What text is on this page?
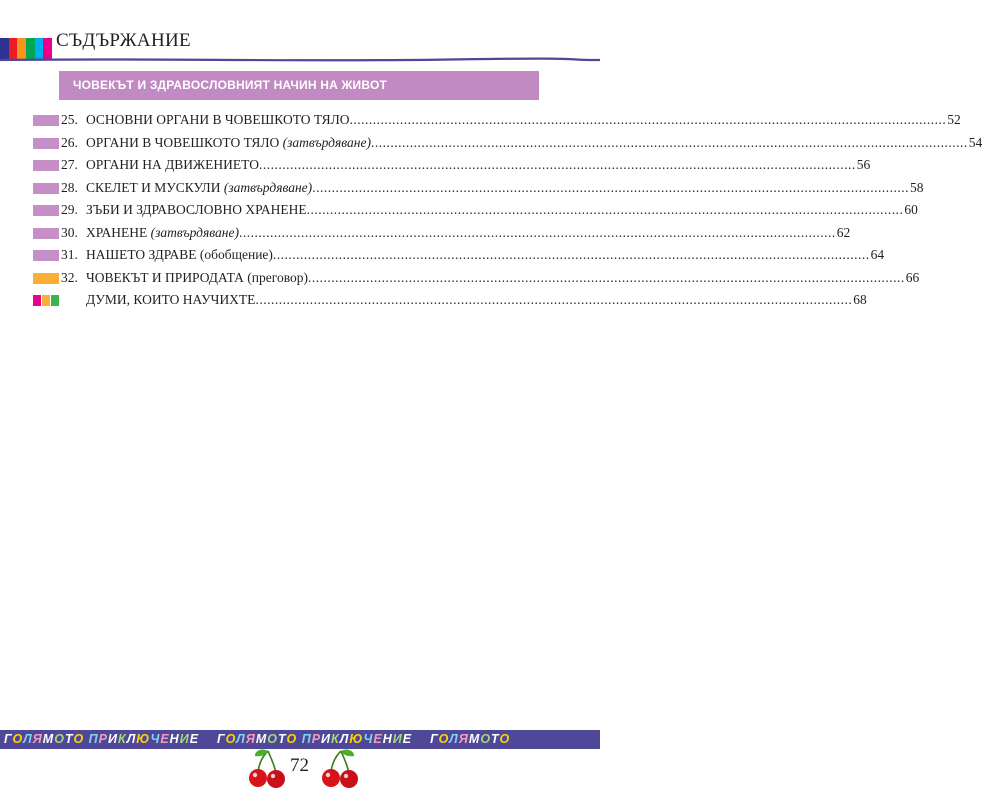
СЪДЪРЖАНИЕ
ЧОВЕКЪТ И ЗДРАВОСЛОВНИЯТ НАЧИН НА ЖИВОТ
25. ОСНОВНИ ОРГАНИ В ЧОВЕШКОТО ТЯЛО .......................................................................................................................................................... 52
26. ОРГАНИ В ЧОВЕШКОТО ТЯЛО (затвърдяване) .......................................................................................................................................................... 54
27. ОРГАНИ НА ДВИЖЕНИЕТО .......................................................................................................................................................... 56
28. СКЕЛЕТ И МУСКУЛИ (затвърдяване) .......................................................................................................................................................... 58
29. ЗЪБИ И ЗДРАВОСЛОВНО ХРАНЕНЕ .......................................................................................................................................................... 60
30. ХРАНЕНЕ (затвърдяване) .......................................................................................................................................................... 62
31. НАШЕТО ЗДРАВЕ (обобщение) .......................................................................................................................................................... 64
32. ЧОВЕКЪТ И ПРИРОДАТА (преговор) .......................................................................................................................................................... 66
ДУМИ, КОИТО НАУЧИХТЕ .......................................................................................................................................................... 68
ГОЛЯМОТО ПРИКЛЮЧЕНИЕ ГОЛЯМОТО ПРИКЛЮЧЕНИЕ ГОЛЯМОТО
72
